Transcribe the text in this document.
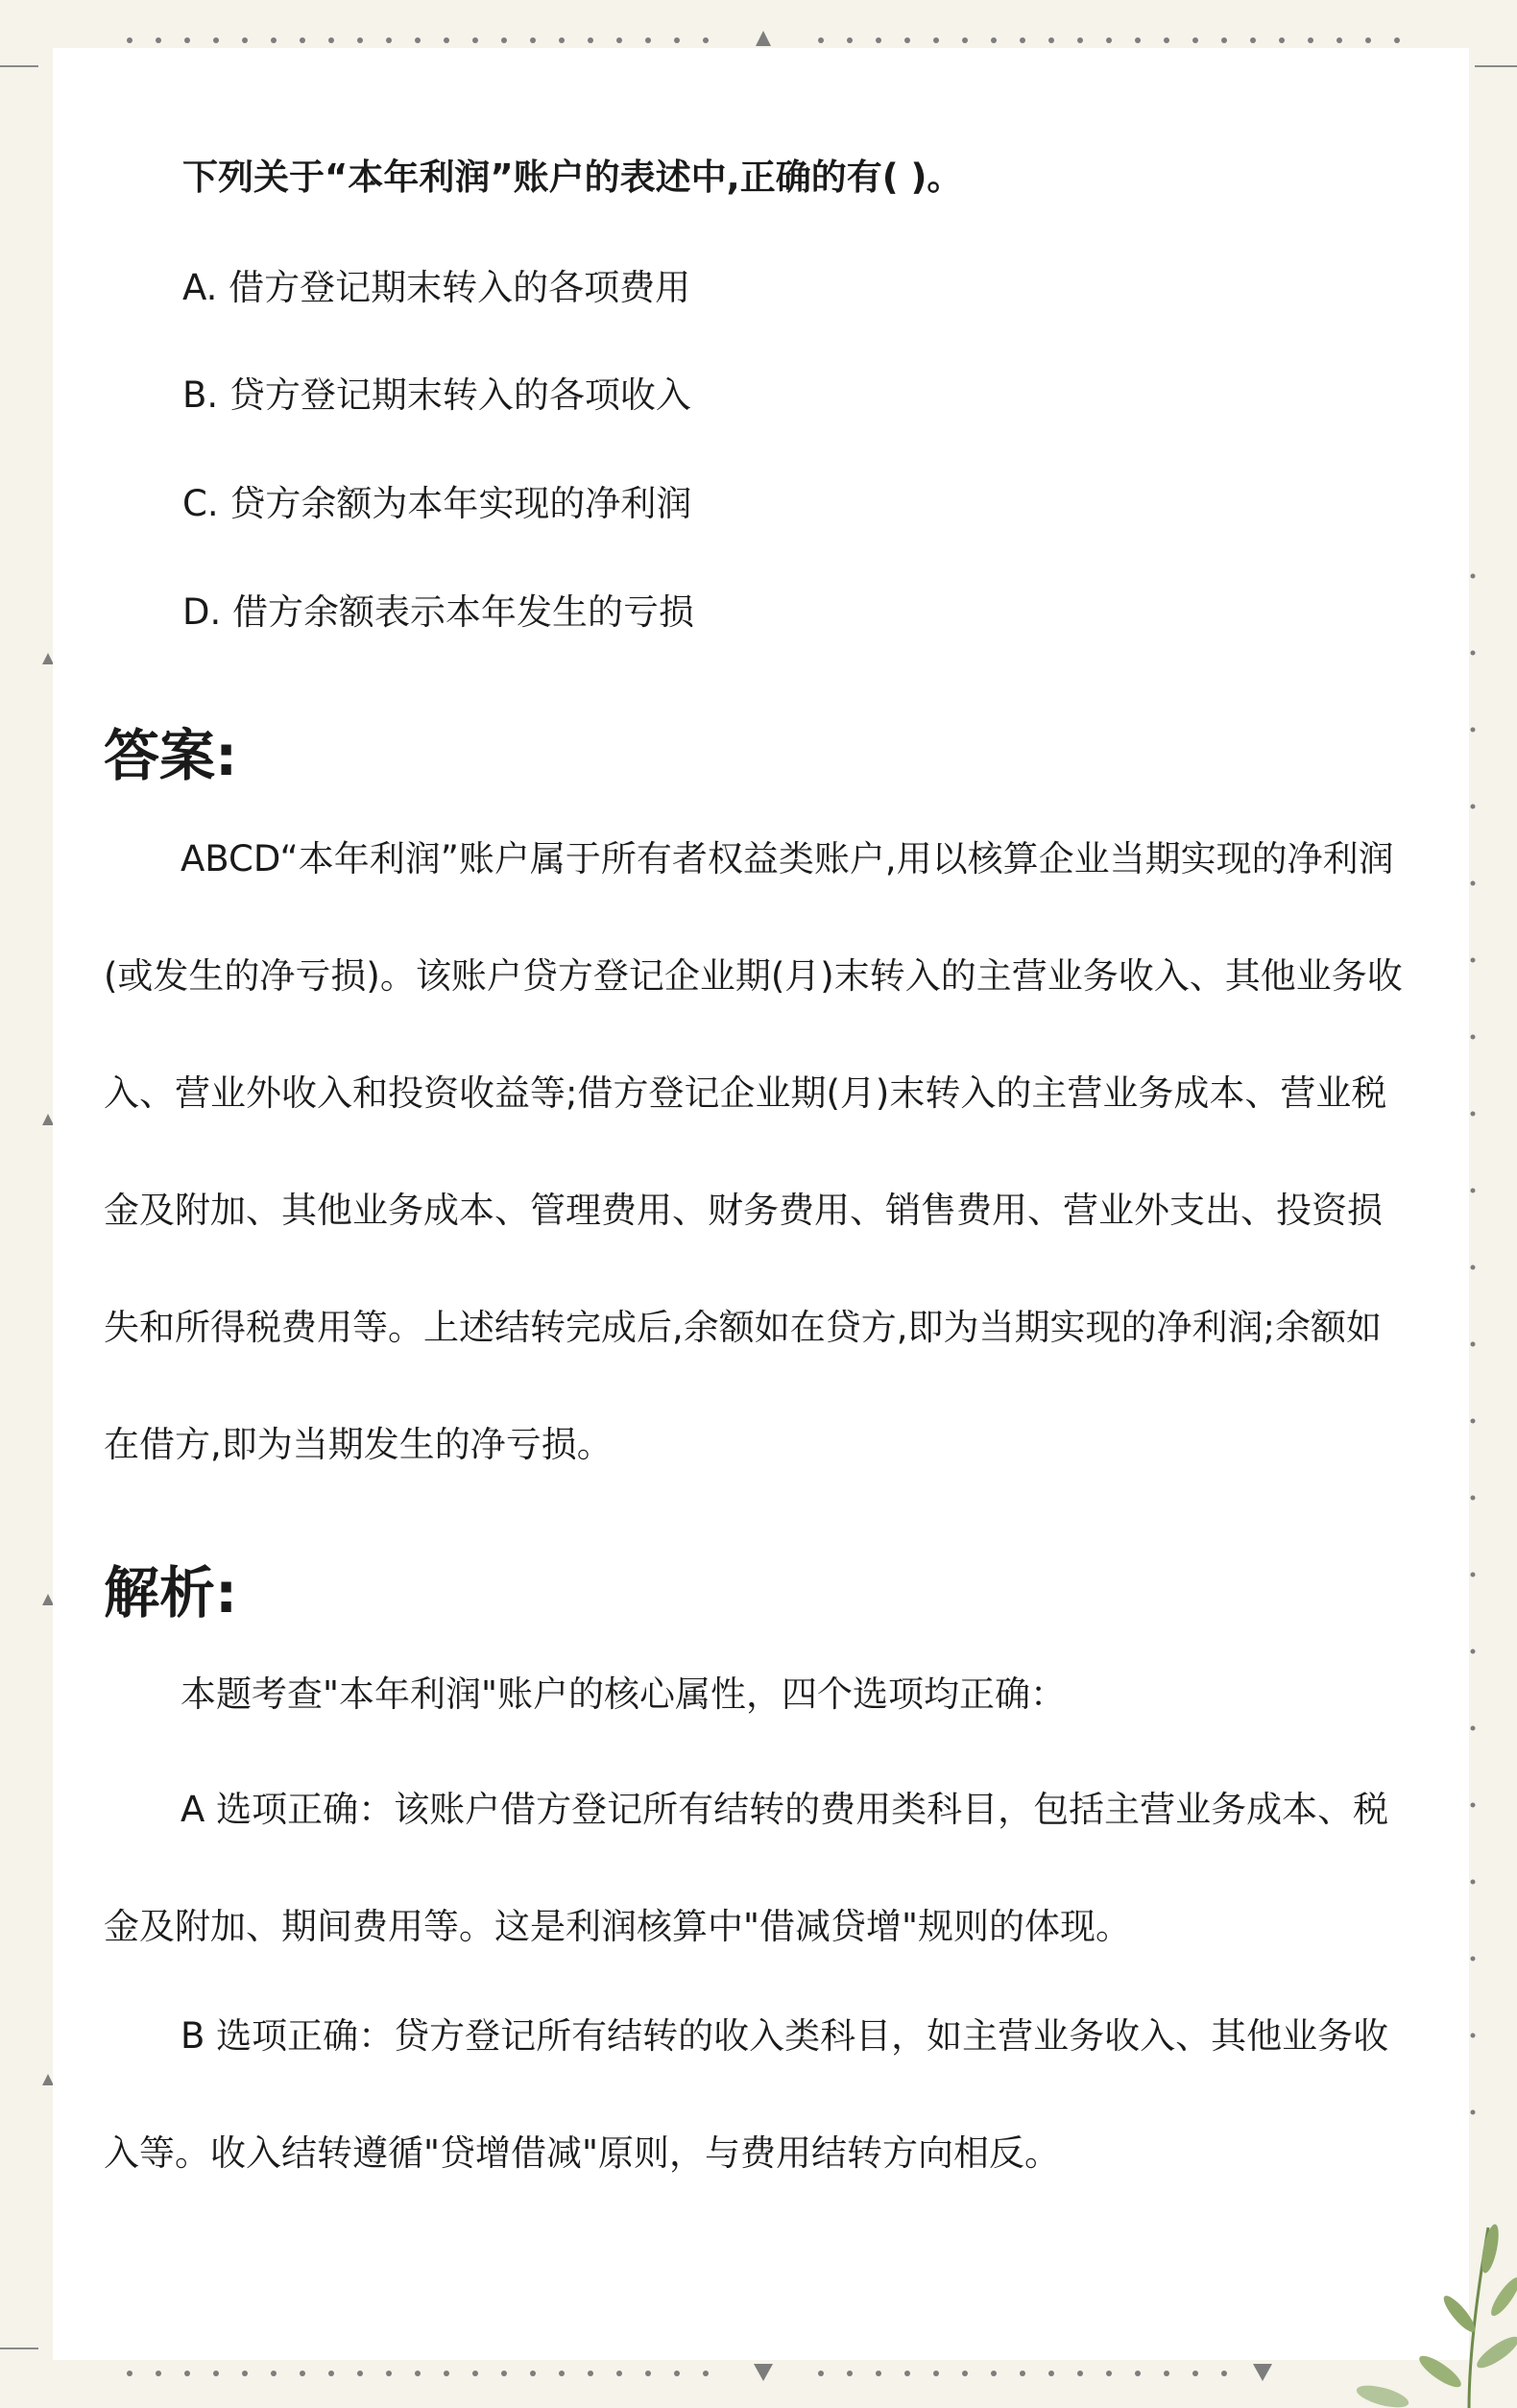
下列关于“本年利润”账户的表述中,正确的有( )。
A. 借方登记期末转入的各项费用
B. 贷方登记期末转入的各项收入
C. 贷方余额为本年实现的净利润
D. 借方余额表示本年发生的亏损
答案:

ABCD“本年利润”账户属于所有者权益类账户,用以核算企业当期实现的净利润(或发生的净亏损)。该账户贷方登记企业期(月)末转入的主营业务收入、其他业务收入、营业外收入和投资收益等;借方登记企业期(月)末转入的主营业务成本、营业税金及附加、其他业务成本、管理费用、财务费用、销售费用、营业外支出、投资损失和所得税费用等。上述结转完成后,余额如在贷方,即为当期实现的净利润;余额如在借方,即为当期发生的净亏损。

解析:

本题考查"本年利润"账户的核心属性，四个选项均正确：

A 选项正确：该账户借方登记所有结转的费用类科目，包括主营业务成本、税金及附加、期间费用等。这是利润核算中"借减贷增"规则的体现。

B 选项正确：贷方登记所有结转的收入类科目，如主营业务收入、其他业务收入等。收入结转遵循"贷增借减"原则，与费用结转方向相反。
